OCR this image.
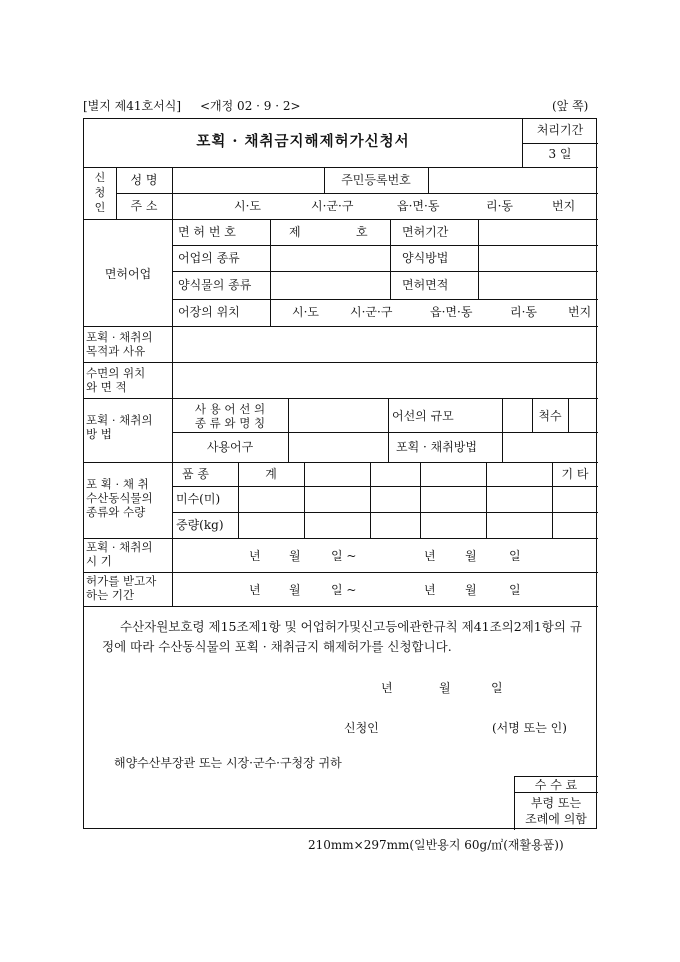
[별지 제41호서식] <개정 02 · 9 · 2>	(앞 쪽)
포획 · 채취금지해제허가신청서
처리기간
3 일
신
청
인
성 명	주민등록번호
주 소	시·도	시·군·구	읍·면·동	리·동	번지
면허어업
면 허 번 호	제	호	면허기간
어업의 종류	양식방법
양식물의 종류	면허면적
어장의 위치	시·도	시·군·구	읍·면·동	리·동	번지
포획 · 채취의
목적과 사유
수면의 위치
와 면 적
포획 · 채취의
방 법
사 용 어 선 의
종 류 와 명 칭	어선의 규모	척수
사용어구	포획 · 채취방법
포 획 · 채 취
수산동식물의
종류와 수량
품 종	계	기 타
미수(미)
중량(kg)
포획 · 채취의
시 기	년 월	일 ~	년 월	일
허가를 받고자
하는 기간	년 월	일 ~	년 월	일
수산자원보호령 제15조제1항 및 어업허가및신고등에관한규칙 제41조의2제1항의 규정에 따라 수산동식물의 포획 · 채취금지 해제허가를 신청합니다.
년	월	일
신청인	(서명 또는 인)
해양수산부장관 또는 시장·군수·구청장 귀하
수 수 료
부령 또는
조례에 의함
210mm×297mm(일반용지 60g/㎡(재활용품))
